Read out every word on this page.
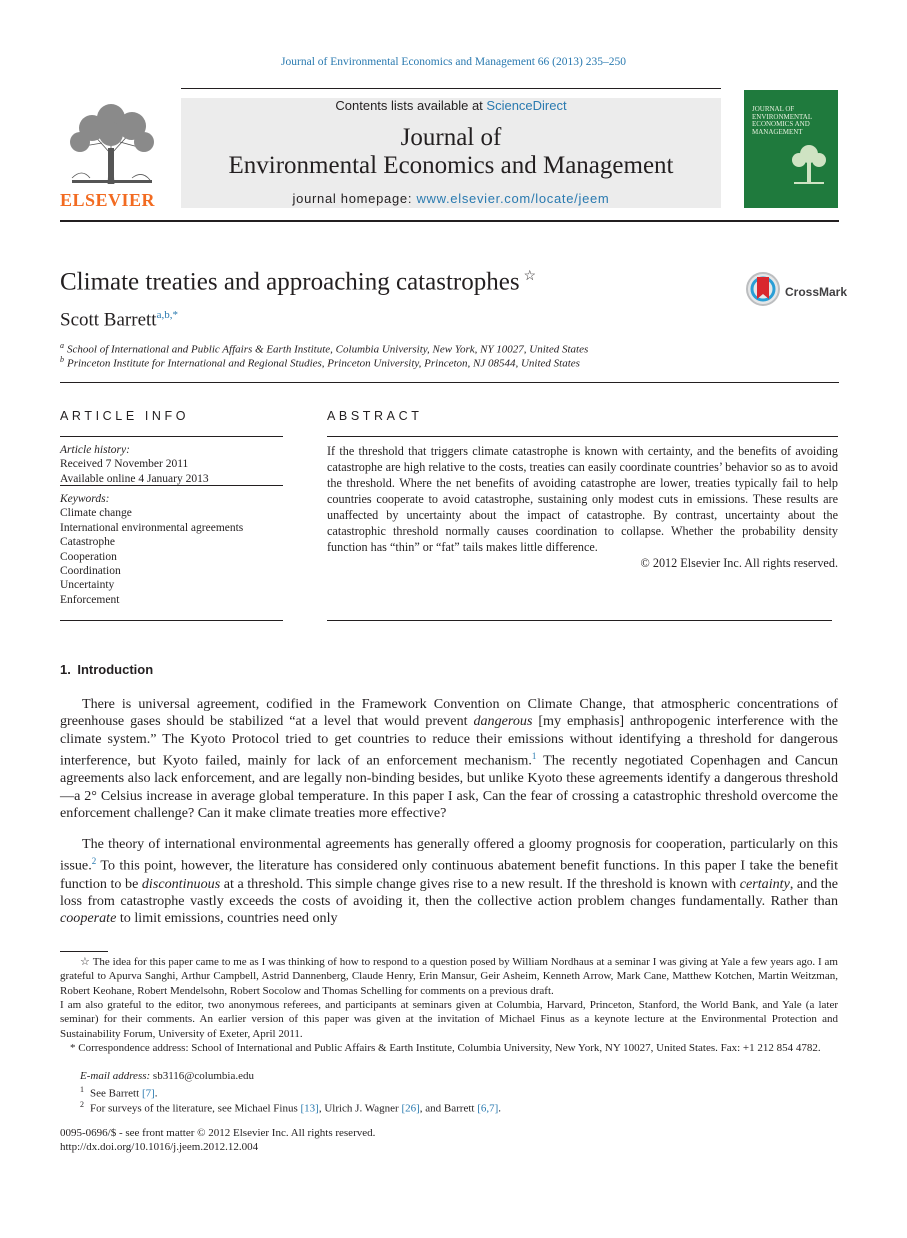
Journal of Environmental Economics and Management 66 (2013) 235–250
ELSEVIER
Contents lists available at ScienceDirect
Journal of
Environmental Economics and Management
journal homepage: www.elsevier.com/locate/jeem
JOURNAL OF ENVIRONMENTAL ECONOMICS AND MANAGEMENT
Climate treaties and approaching catastrophes ☆
CrossMark
Scott Barrett$^{a,b,*}$
$^a$ School of International and Public Affairs & Earth Institute, Columbia University, New York, NY 10027, United States
$^b$ Princeton Institute for International and Regional Studies, Princeton University, Princeton, NJ 08544, United States
ARTICLE INFO
Article history:
Received 7 November 2011
Available online 4 January 2013
Keywords:
Climate change
International environmental agreements
Catastrophe
Cooperation
Coordination
Uncertainty
Enforcement
ABSTRACT
If the threshold that triggers climate catastrophe is known with certainty, and the benefits of avoiding catastrophe are high relative to the costs, treaties can easily coordinate countries’ behavior so as to avoid the threshold. Where the net benefits of avoiding catastrophe are lower, treaties typically fail to help countries cooperate to avoid catastrophe, sustaining only modest cuts in emissions. These results are unaffected by uncertainty about the impact of catastrophe. By contrast, uncertainty about the catastrophic threshold normally causes coordination to collapse. Whether the probability density function has “thin” or “fat” tails makes little difference.
© 2012 Elsevier Inc. All rights reserved.
1. Introduction
There is universal agreement, codified in the Framework Convention on Climate Change, that atmospheric concentrations of greenhouse gases should be stabilized “at a level that would prevent dangerous [my emphasis] anthropogenic interference with the climate system.” The Kyoto Protocol tried to get countries to reduce their emissions without identifying a threshold for dangerous interference, but Kyoto failed, mainly for lack of an enforcement mechanism.$^1$ The recently negotiated Copenhagen and Cancun agreements also lack enforcement, and are legally non-binding besides, but unlike Kyoto these agreements identify a dangerous threshold—a 2° Celsius increase in average global temperature. In this paper I ask, Can the fear of crossing a catastrophic threshold overcome the enforcement challenge? Can it make climate treaties more effective?
The theory of international environmental agreements has generally offered a gloomy prognosis for cooperation, particularly on this issue.$^2$ To this point, however, the literature has considered only continuous abatement benefit functions. In this paper I take the benefit function to be discontinuous at a threshold. This simple change gives rise to a new result. If the threshold is known with certainty, and the loss from catastrophe vastly exceeds the costs of avoiding it, then the collective action problem changes fundamentally. Rather than cooperate to limit emissions, countries need only
☆ The idea for this paper came to me as I was thinking of how to respond to a question posed by William Nordhaus at a seminar I was giving at Yale a few years ago. I am grateful to Apurva Sanghi, Arthur Campbell, Astrid Dannenberg, Claude Henry, Erin Mansur, Geir Asheim, Kenneth Arrow, Mark Cane, Matthew Kotchen, Martin Weitzman, Robert Keohane, Robert Mendelsohn, Robert Socolow and Thomas Schelling for comments on a previous draft.
I am also grateful to the editor, two anonymous referees, and participants at seminars given at Columbia, Harvard, Princeton, Stanford, the World Bank, and Yale (a later seminar) for their comments. An earlier version of this paper was given at the invitation of Michael Finus as a keynote lecture at the Environmental Protection and Sustainability Forum, University of Exeter, April 2011.
* Correspondence address: School of International and Public Affairs & Earth Institute, Columbia University, New York, NY 10027, United States. Fax: +1 212 854 4782.
E-mail address: sb3116@columbia.edu
$^1$ See Barrett [7].
$^2$ For surveys of the literature, see Michael Finus [13], Ulrich J. Wagner [26], and Barrett [6,7].
0095-0696/$ - see front matter © 2012 Elsevier Inc. All rights reserved.
http://dx.doi.org/10.1016/j.jeem.2012.12.004
